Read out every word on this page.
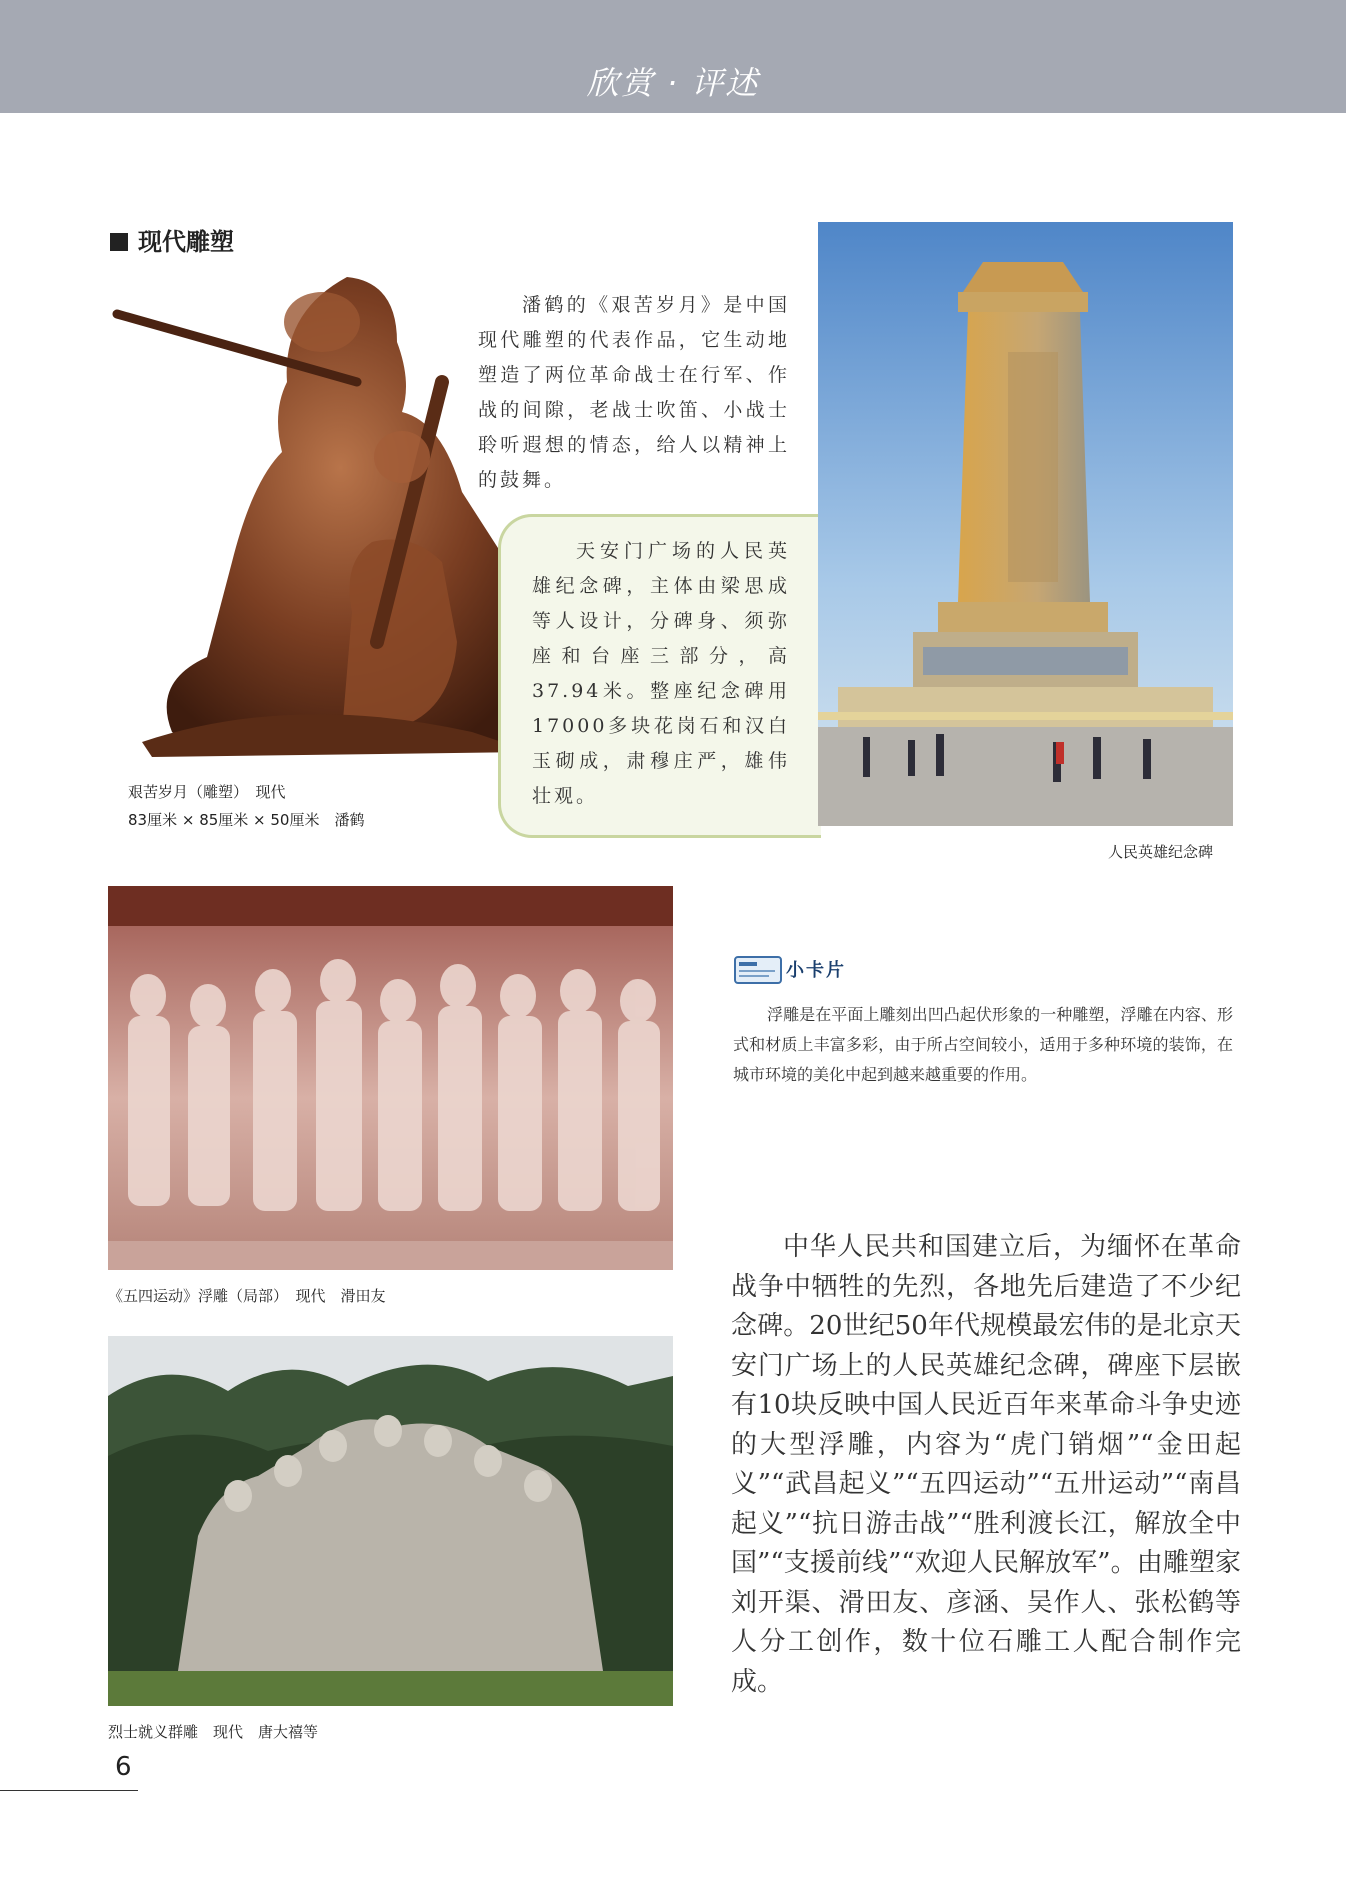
欣赏 · 评述
现代雕塑
潘鹤的《艰苦岁月》是中国现代雕塑的代表作品，它生动地塑造了两位革命战士在行军、作战的间隙，老战士吹笛、小战士聆听遐想的情态，给人以精神上的鼓舞。
天安门广场的人民英雄纪念碑，主体由梁思成等人设计，分碑身、须弥座和台座三部分，高37.94米。整座纪念碑用17000多块花岗石和汉白玉砌成，肃穆庄严，雄伟壮观。
艰苦岁月（雕塑）　现代
83厘米 × 85厘米 × 50厘米　潘鹤
人民英雄纪念碑
《五四运动》浮雕（局部）　现代　滑田友
小卡片
浮雕是在平面上雕刻出凹凸起伏形象的一种雕塑，浮雕在内容、形式和材质上丰富多彩，由于所占空间较小，适用于多种环境的装饰，在城市环境的美化中起到越来越重要的作用。
烈士就义群雕　现代　唐大禧等
中华人民共和国建立后，为缅怀在革命战争中牺牲的先烈，各地先后建造了不少纪念碑。20世纪50年代规模最宏伟的是北京天安门广场上的人民英雄纪念碑，碑座下层嵌有10块反映中国人民近百年来革命斗争史迹的大型浮雕，内容为“虎门销烟”“金田起义”“武昌起义”“五四运动”“五卅运动”“南昌起义”“抗日游击战”“胜利渡长江，解放全中国”“支援前线”“欢迎人民解放军”。由雕塑家刘开渠、滑田友、彦涵、吴作人、张松鹤等人分工创作，数十位石雕工人配合制作完成。
6
